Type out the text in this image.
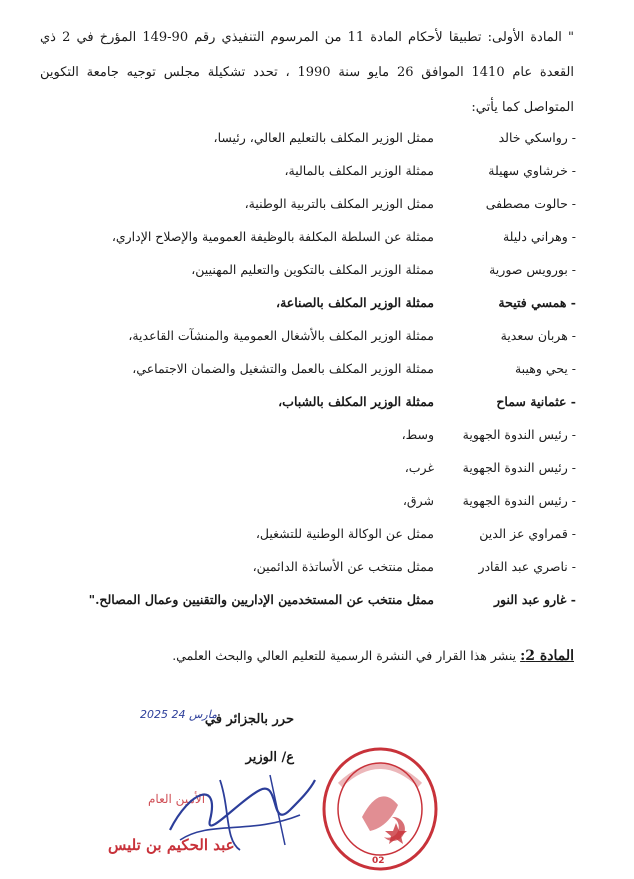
" المادة الأولى: تطبيقا لأحكام المادة 11 من المرسوم التنفيذي رقم 90-149 المؤرخ في 2 ذي القعدة عام 1410 الموافق 26 مايو سنة 1990 ، تحدد تشكيلة مجلس توجيه جامعة التكوين المتواصل كما يأتي:

- رواسكي خالد
ممثل الوزير المكلف بالتعليم العالي، رئيسا،
- خرشاوي سهيلة
ممثلة الوزير المكلف بالمالية،
- حالوت مصطفى
ممثل الوزير المكلف بالتربية الوطنية،
- وهراني دليلة
ممثلة عن السلطة المكلفة بالوظيفة العمومية والإصلاح الإداري،
- بورويس صورية
ممثلة الوزير المكلف بالتكوين والتعليم المهنيين،
- همسي فتيحة
ممثلة الوزير المكلف بالصناعة،
- هربان سعدية
ممثلة الوزير المكلف بالأشغال العمومية والمنشآت القاعدية،
- يحي وهيبة
ممثلة الوزير المكلف بالعمل والتشغيل والضمان الاجتماعي،
- عثمانية سماح
ممثلة الوزير المكلف بالشباب،
- رئيس الندوة الجهوية
وسط،
- رئيس الندوة الجهوية
غرب،
- رئيس الندوة الجهوية
شرق،
- قمراوي عز الدين
ممثل عن الوكالة الوطنية للتشغيل،
- ناصري عبد القادر
ممثل منتخب عن الأساتذة الدائمين،
- غارو عبد النور
ممثل منتخب عن المستخدمين الإداريين والتقنيين وعمال المصالح."
المادة 2: ينشر هذا القرار في النشرة الرسمية للتعليم العالي والبحث العلمي.
حرر بالجزائر في
2025 مارس 24
ع/ الوزير
02
الأمين العام
عبد الحكيم بن تليس
